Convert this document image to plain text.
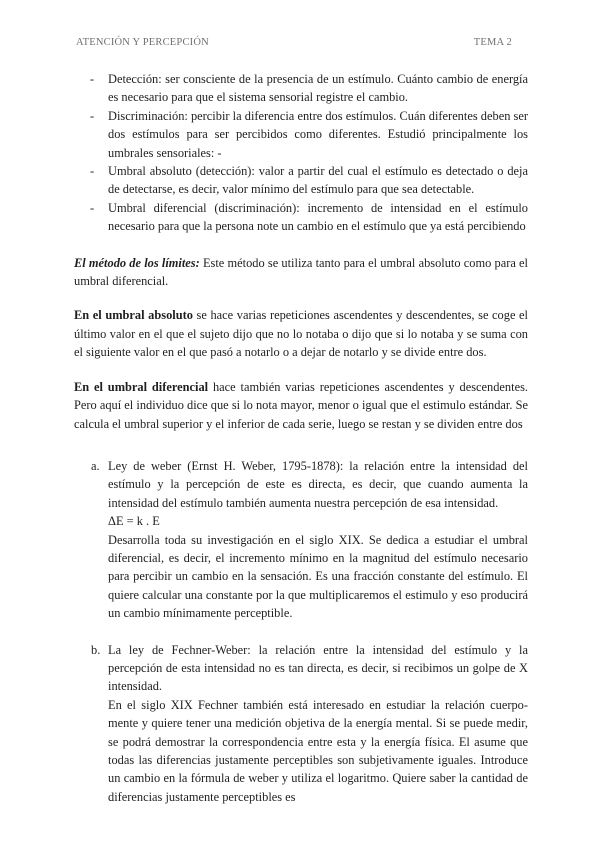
ATENCIÓN Y PERCEPCIÓN	TEMA 2
- Detección: ser consciente de la presencia de un estímulo. Cuánto cambio de energía es necesario para que el sistema sensorial registre el cambio.
- Discriminación: percibir la diferencia entre dos estímulos. Cuán diferentes deben ser dos estímulos para ser percibidos como diferentes. Estudió principalmente los umbrales sensoriales: -
- Umbral absoluto (detección): valor a partir del cual el estímulo es detectado o deja de detectarse, es decir, valor mínimo del estímulo para que sea detectable.
- Umbral diferencial (discriminación): incremento de intensidad en el estímulo necesario para que la persona note un cambio en el estímulo que ya está percibiendo

El método de los límites: Este método se utiliza tanto para el umbral absoluto como para el umbral diferencial.

En el umbral absoluto se hace varias repeticiones ascendentes y descendentes, se coge el último valor en el que el sujeto dijo que no lo notaba o dijo que si lo notaba y se suma con el siguiente valor en el que pasó a notarlo o a dejar de notarlo y se divide entre dos.

En el umbral diferencial hace también varias repeticiones ascendentes y descendentes. Pero aquí el individuo dice que si lo nota mayor, menor o igual que el estimulo estándar. Se calcula el umbral superior y el inferior de cada serie, luego se restan y se dividen entre dos

a. Ley de weber (Ernst H. Weber, 1795-1878): la relación entre la intensidad del estímulo y la percepción de este es directa, es decir, que cuando aumenta la intensidad del estímulo también aumenta nuestra percepción de esa intensidad.

ΔE = k . E

Desarrolla toda su investigación en el siglo XIX. Se dedica a estudiar el umbral diferencial, es decir, el incremento mínimo en la magnitud del estímulo necesario para percibir un cambio en la sensación. Es una fracción constante del estímulo. El quiere calcular una constante por la que multiplicaremos el estimulo y eso producirá un cambio mínimamente perceptible.

b. La ley de Fechner-Weber: la relación entre la intensidad del estímulo y la percepción de esta intensidad no es tan directa, es decir, si recibimos un golpe de X intensidad.

En el siglo XIX Fechner también está interesado en estudiar la relación cuerpo-mente y quiere tener una medición objetiva de la energía mental. Si se puede medir, se podrá demostrar la correspondencia entre esta y la energía física. El asume que todas las diferencias justamente perceptibles son subjetivamente iguales. Introduce un cambio en la fórmula de weber y utiliza el logaritmo. Quiere saber la cantidad de diferencias justamente perceptibles es
